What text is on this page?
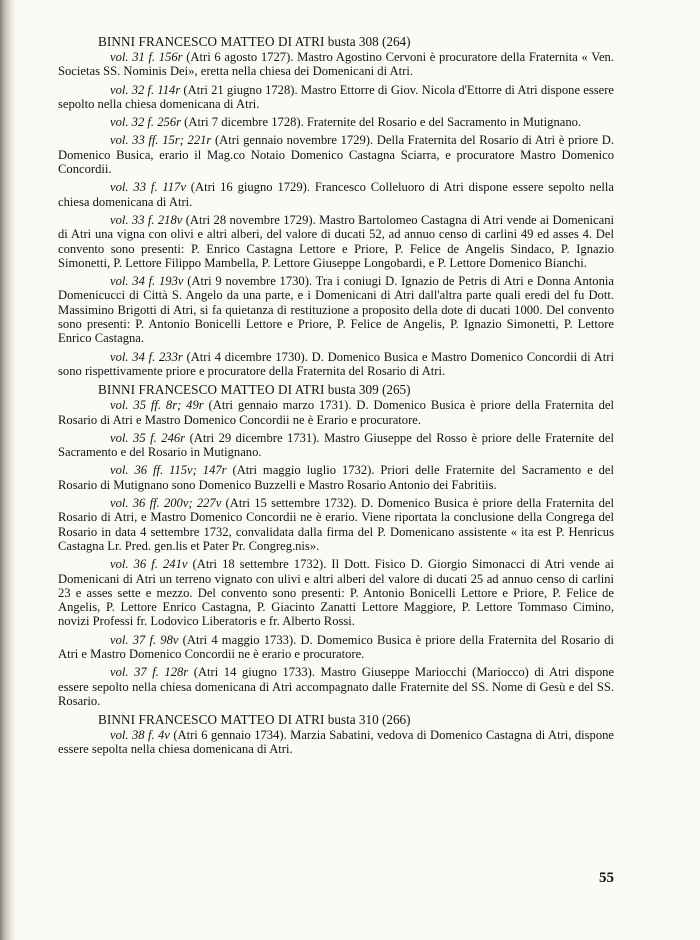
BINNI FRANCESCO MATTEO DI ATRI busta 308 (264)

vol. 31 f. 156r (Atri 6 agosto 1727). Mastro Agostino Cervoni è procuratore della Fraternita « Ven. Societas SS. Nominis Dei», eretta nella chiesa dei Domenicani di Atri.

vol. 32 f. 114r (Atri 21 giugno 1728). Mastro Ettorre di Giov. Nicola d'Ettorre di Atri dispone essere sepolto nella chiesa domenicana di Atri.

vol. 32 f. 256r (Atri 7 dicembre 1728). Fraternite del Rosario e del Sacramento in Mutignano.

vol. 33 ff. 15r; 221r (Atri gennaio novembre 1729). Della Fraternita del Rosario di Atri è priore D. Domenico Busica, erario il Mag.co Notaio Domenico Castagna Sciarra, e procuratore Mastro Domenico Concordii.

vol. 33 f. 117v (Atri 16 giugno 1729). Francesco Colleluoro di Atri dispone essere sepolto nella chiesa domenicana di Atri.

vol. 33 f. 218v (Atri 28 novembre 1729). Mastro Bartolomeo Castagna di Atri vende ai Domenicani di Atri una vigna con olivi e altri alberi, del valore di ducati 52, ad annuo censo di carlini 49 ed asses 4. Del convento sono presenti: P. Enrico Castagna Lettore e Priore, P. Felice de Angelis Sindaco, P. Ignazio Simonetti, P. Lettore Filippo Mambella, P. Lettore Giuseppe Longobardi, e P. Lettore Domenico Bianchi.

vol. 34 f. 193v (Atri 9 novembre 1730). Tra i coniugi D. Ignazio de Petris di Atri e Donna Antonia Domenicucci di Città S. Angelo da una parte, e i Domenicani di Atri dall'altra parte quali eredi del fu Dott. Massimino Brigotti di Atri, si fa quietanza di restituzione a proposito della dote di ducati 1000. Del convento sono presenti: P. Antonio Bonicelli Lettore e Priore, P. Felice de Angelis, P. Ignazio Simonetti, P. Lettore Enrico Castagna.

vol. 34 f. 233r (Atri 4 dicembre 1730). D. Domenico Busica e Mastro Domenico Concordii di Atri sono rispettivamente priore e procuratore della Fraternita del Rosario di Atri.

BINNI FRANCESCO MATTEO DI ATRI busta 309 (265)

vol. 35 ff. 8r; 49r (Atri gennaio marzo 1731). D. Domenico Busica è priore della Fraternita del Rosario di Atri e Mastro Domenico Concordii ne è Erario e procuratore.

vol. 35 f. 246r (Atri 29 dicembre 1731). Mastro Giuseppe del Rosso è priore delle Fraternite del Sacramento e del Rosario in Mutignano.

vol. 36 ff. 115v; 147r (Atri maggio luglio 1732). Priori delle Fraternite del Sacramento e del Rosario di Mutignano sono Domenico Buzzelli e Mastro Rosario Antonio dei Fabritiis.

vol. 36 ff. 200v; 227v (Atri 15 settembre 1732). D. Domenico Busica è priore della Fraternita del Rosario di Atri, e Mastro Domenico Concordii ne è erario. Viene riportata la conclusione della Congrega del Rosario in data 4 settembre 1732, convalidata dalla firma del P. Domenicano assistente « ita est P. Henricus Castagna Lr. Pred. gen.lis et Pater Pr. Congreg.nis».

vol. 36 f. 241v (Atri 18 settembre 1732). Il Dott. Fisico D. Giorgio Simonacci di Atri vende ai Domenicani di Atri un terreno vignato con ulivi e altri alberi del valore di ducati 25 ad annuo censo di carlini 23 e asses sette e mezzo. Del convento sono presenti: P. Antonio Bonicelli Lettore e Priore, P. Felice de Angelis, P. Lettore Enrico Castagna, P. Giacinto Zanatti Lettore Maggiore, P. Lettore Tommaso Cimino, novizi Professi fr. Lodovico Liberatoris e fr. Alberto Rossi.

vol. 37 f. 98v (Atri 4 maggio 1733). D. Domemico Busica è priore della Fraternita del Rosario di Atri e Mastro Domenico Concordii ne è erario e procuratore.

vol. 37 f. 128r (Atri 14 giugno 1733). Mastro Giuseppe Mariocchi (Mariocco) di Atri dispone essere sepolto nella chiesa domenicana di Atri accompagnato dalle Fraternite del SS. Nome di Gesù e del SS. Rosario.

BINNI FRANCESCO MATTEO DI ATRI busta 310 (266)

vol. 38 f. 4v (Atri 6 gennaio 1734). Marzia Sabatini, vedova di Domenico Castagna di Atri, dispone essere sepolta nella chiesa domenicana di Atri.

55
